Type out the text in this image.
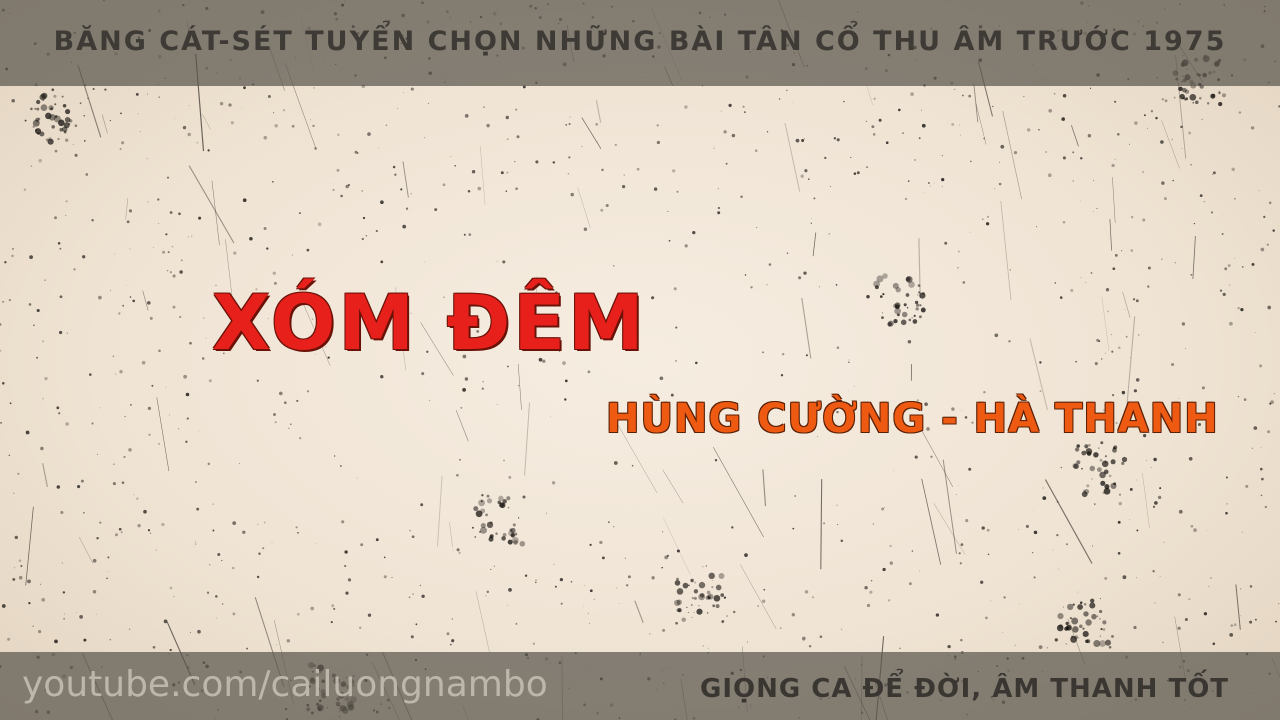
BĂNG CÁT-SÉT TUYỂN CHỌN NHỮNG BÀI TÂN CỔ THU ÂM TRƯỚC 1975
XÓM ĐÊM
HÙNG CƯỜNG - HÀ THANH
youtube.com/cailuongnambo	GIỌNG CA ĐỂ ĐỜI, ÂM THANH TỐT
